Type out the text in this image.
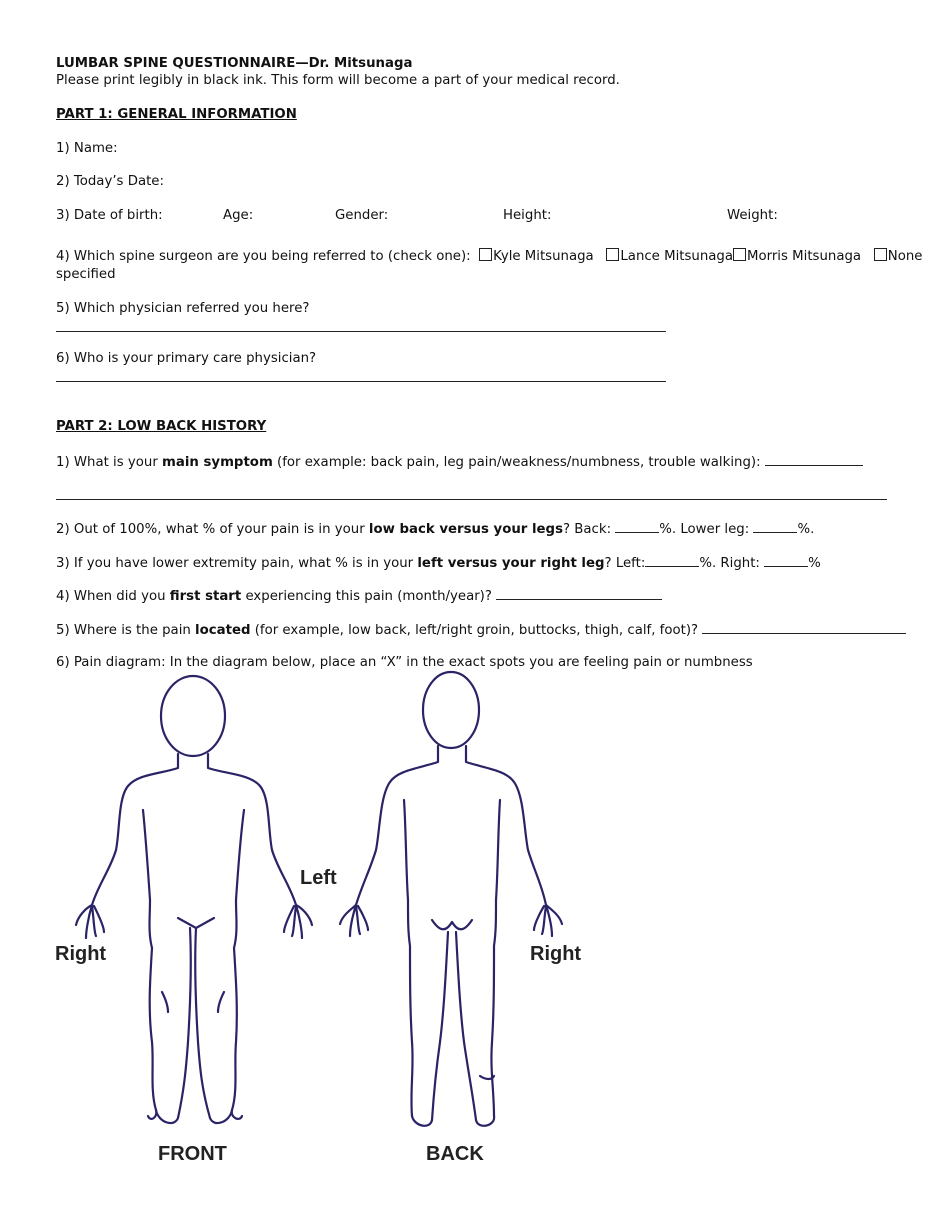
LUMBAR SPINE QUESTIONNAIRE—Dr. Mitsunaga
Please print legibly in black ink. This form will become a part of your medical record.
PART 1: GENERAL INFORMATION
1) Name:
2) Today’s Date:
3) Date of birth:	Age:	Gender:	Height:	Weight:
4) Which spine surgeon are you being referred to (check one): Kyle Mitsunaga Lance Mitsunaga Morris Mitsunaga None
specified
5) Which physician referred you here?
6) Who is your primary care physician?
PART 2: LOW BACK HISTORY
1) What is your main symptom (for example: back pain, leg pain/weakness/numbness, trouble walking):
2) Out of 100%, what % of your pain is in your low back versus your legs? Back:	%. Lower leg:	%.
3) If you have lower extremity pain, what % is in your left versus your right leg? Left:	%. Right:	%
4) When did you first start experiencing this pain (month/year)?
5) Where is the pain located (for example, low back, left/right groin, buttocks, thigh, calf, foot)?
6) Pain diagram: In the diagram below, place an “X” in the exact spots you are feeling pain or numbness
Left
Right	Right
FRONT	BACK
